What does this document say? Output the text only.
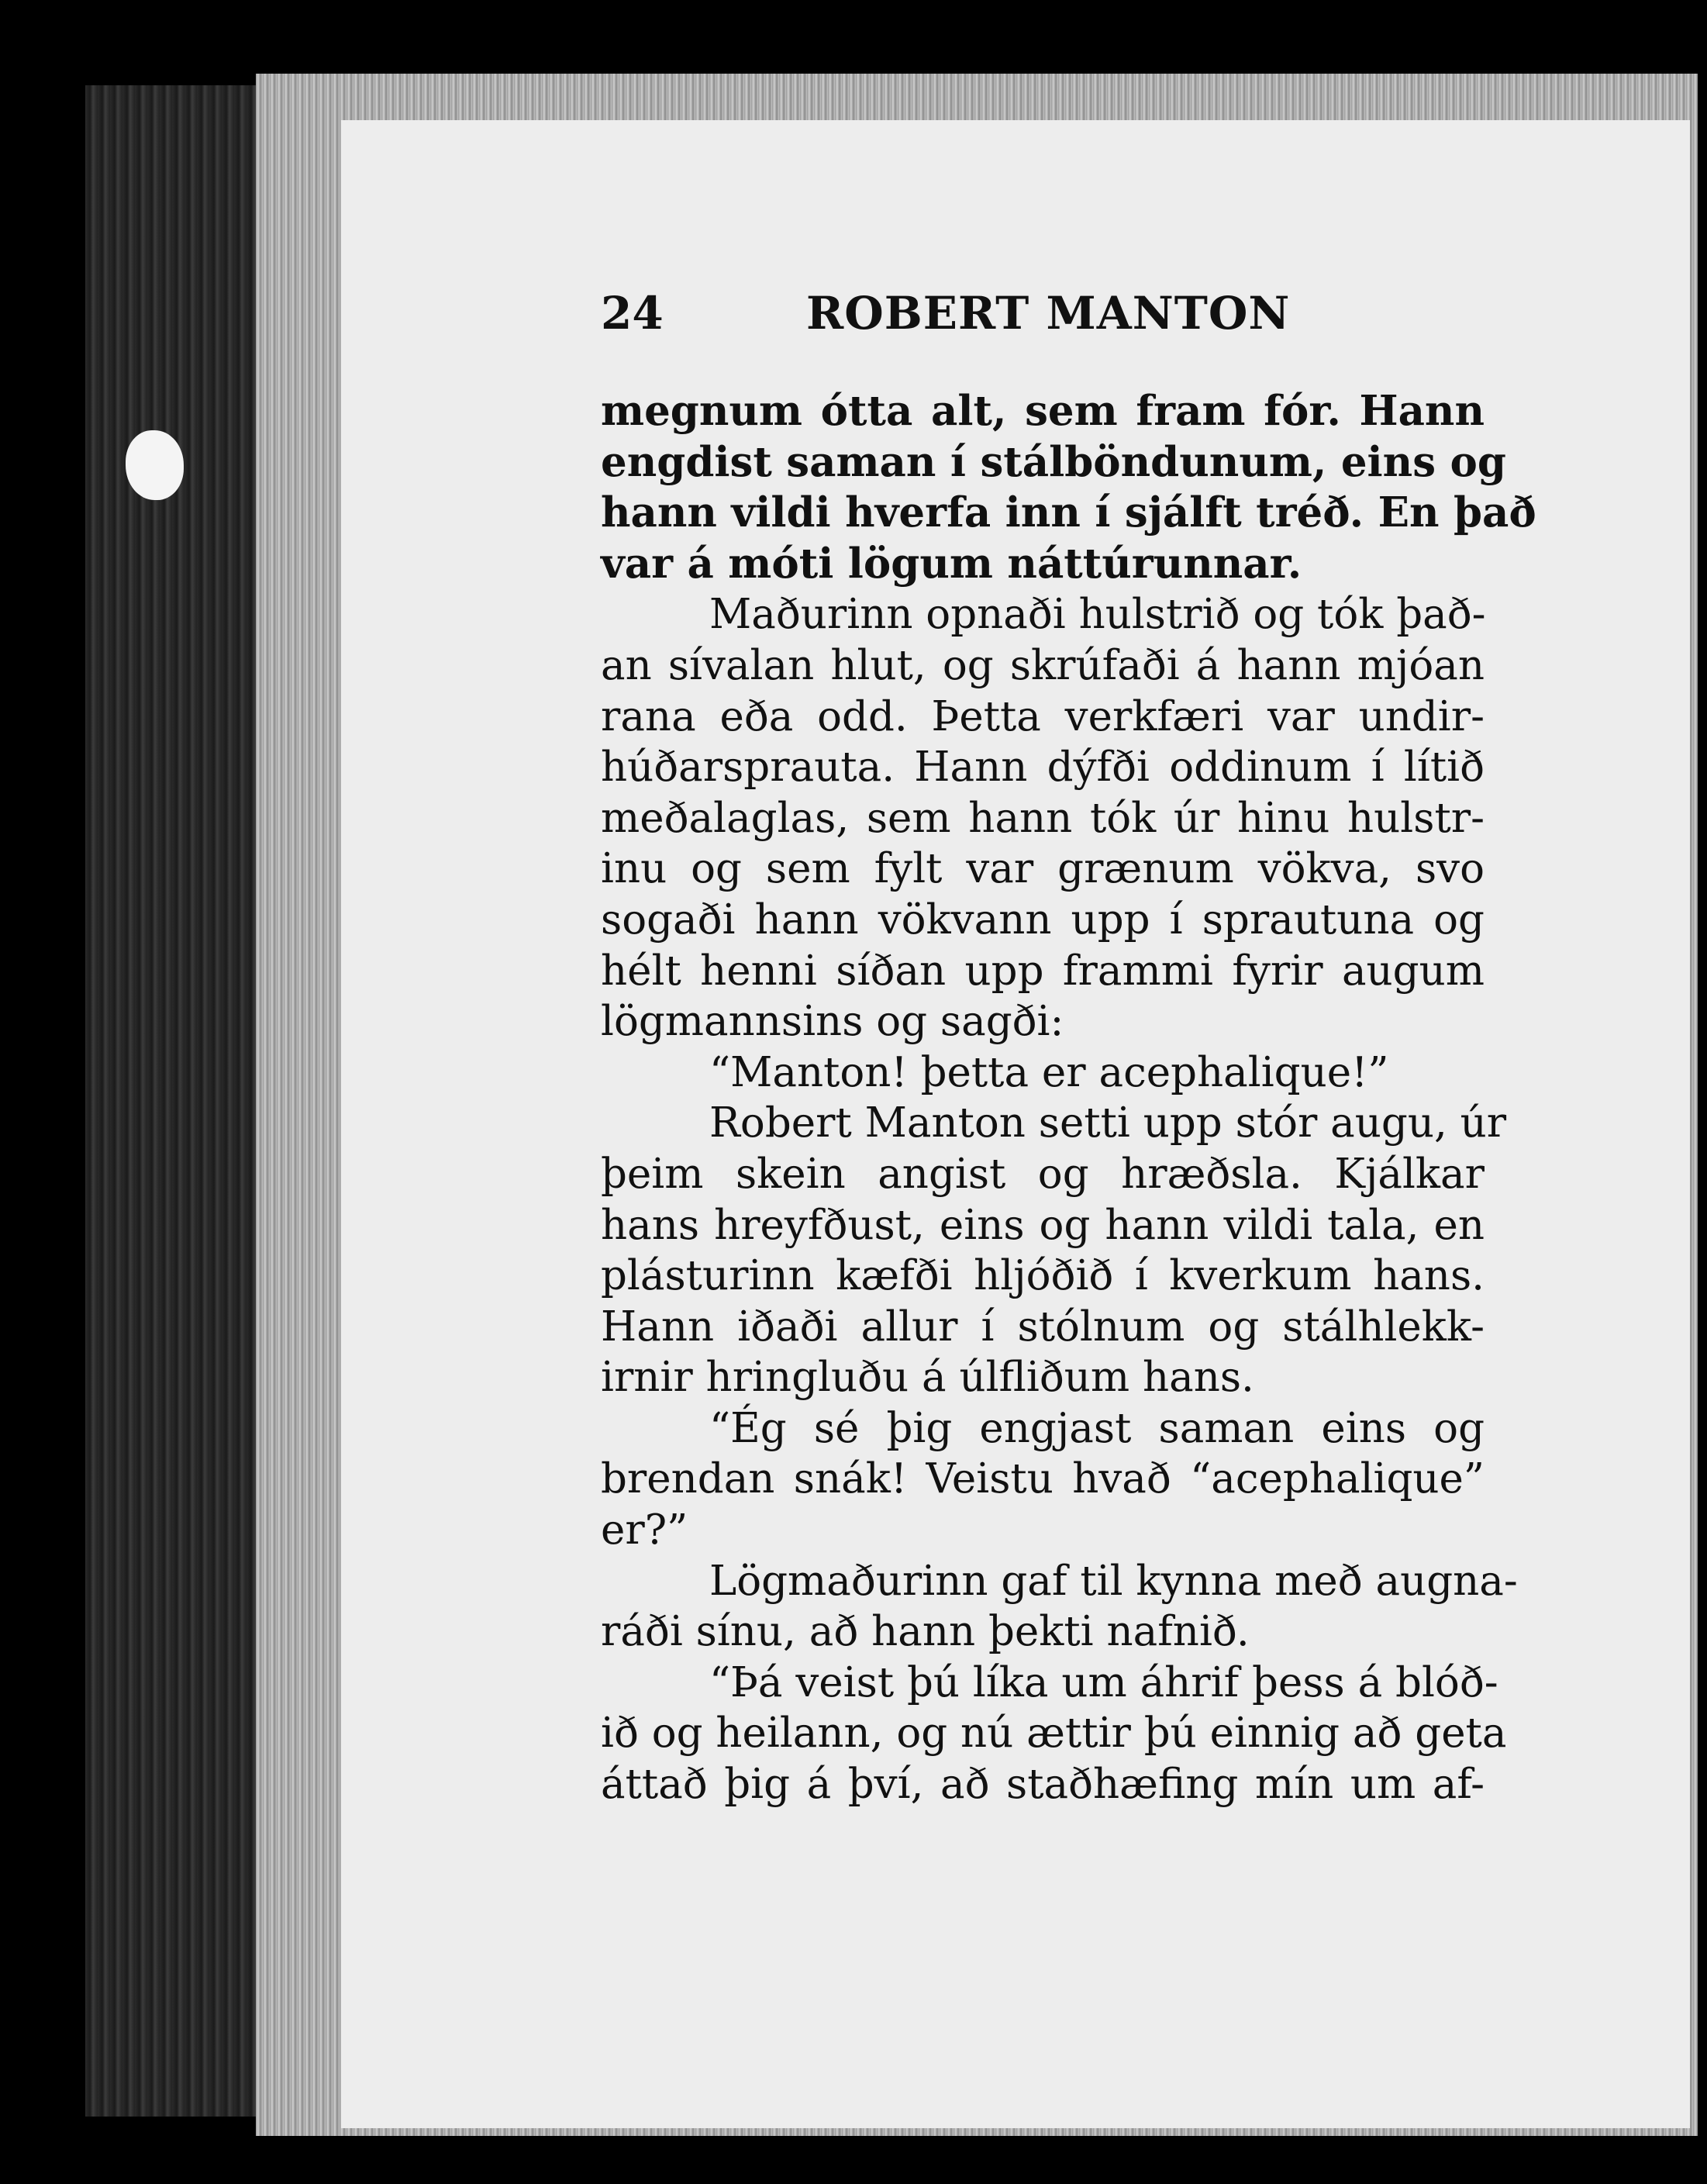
24	ROBERT MANTON
megnum ótta alt, sem fram fór. Hann
engdist saman í stálböndunum, eins og
hann vildi hverfa inn í sjálft tréð. En það
var á móti lögum náttúrunnar.
Maðurinn opnaði hulstrið og tók það-
an sívalan hlut, og skrúfaði á hann mjóan
rana eða odd. Þetta verkfæri var undir-
húðarsprauta. Hann dýfði oddinum í lítið
meðalaglas, sem hann tók úr hinu hulstr-
inu og sem fylt var grænum vökva, svo
sogaði hann vökvann upp í sprautuna og
hélt henni síðan upp frammi fyrir augum
lögmannsins og sagði:
“Manton! þetta er acephalique!”
Robert Manton setti upp stór augu, úr
þeim skein angist og hræðsla. Kjálkar
hans hreyfðust, eins og hann vildi tala, en
plásturinn kæfði hljóðið í kverkum hans.
Hann iðaði allur í stólnum og stálhlekk-
irnir hringluðu á úlfliðum hans.
“Ég sé þig engjast saman eins og
brendan snák! Veistu hvað “acephalique”
er?”
Lögmaðurinn gaf til kynna með augna-
ráði sínu, að hann þekti nafnið.
“Þá veist þú líka um áhrif þess á blóð-
ið og heilann, og nú ættir þú einnig að geta
áttað þig á því, að staðhæfing mín um af-
